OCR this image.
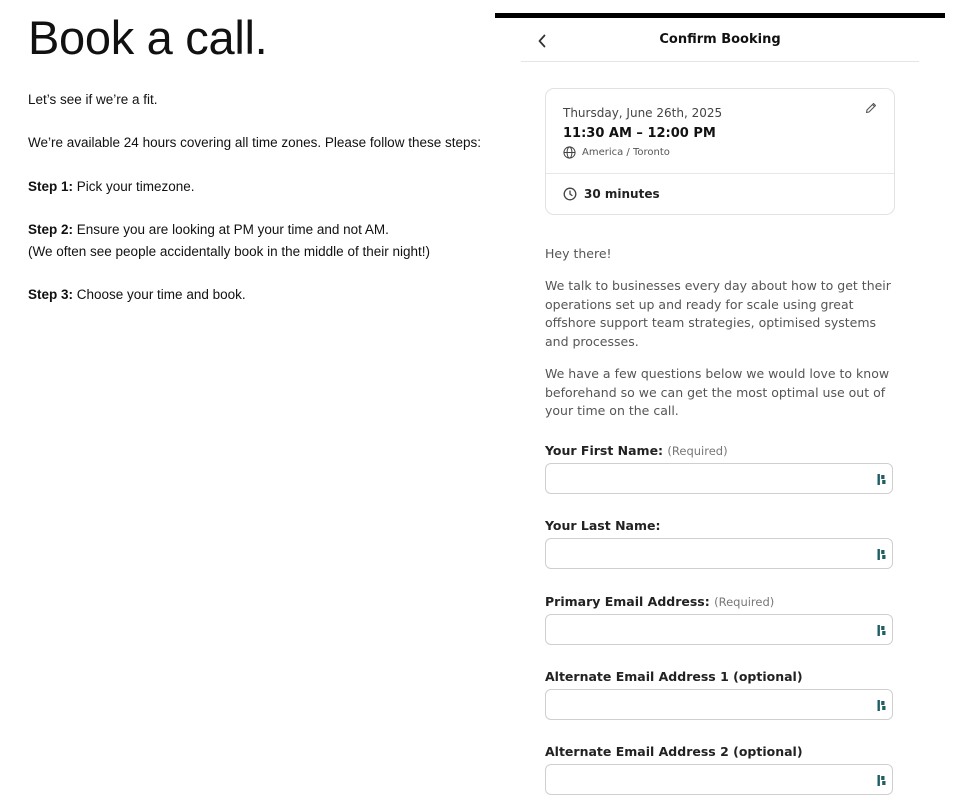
Book a call.
Let’s see if we’re a fit.
We’re available 24 hours covering all time zones. Please follow these steps:
Step 1: Pick your timezone.
Step 2: Ensure you are looking at PM your time and not AM.
(We often see people accidentally book in the middle of their night!)
Step 3: Choose your time and book.
Confirm Booking
Thursday, June 26th, 2025
11:30 AM – 12:00 PM
America / Toronto
30 minutes
Hey there!
We talk to businesses every day about how to get their operations set up and ready for scale using great offshore support team strategies, optimised systems and processes.
We have a few questions below we would love to know beforehand so we can get the most optimal use out of your time on the call.
Your First Name: (Required)
Your Last Name:
Primary Email Address: (Required)
Alternate Email Address 1 (optional)
Alternate Email Address 2 (optional)
